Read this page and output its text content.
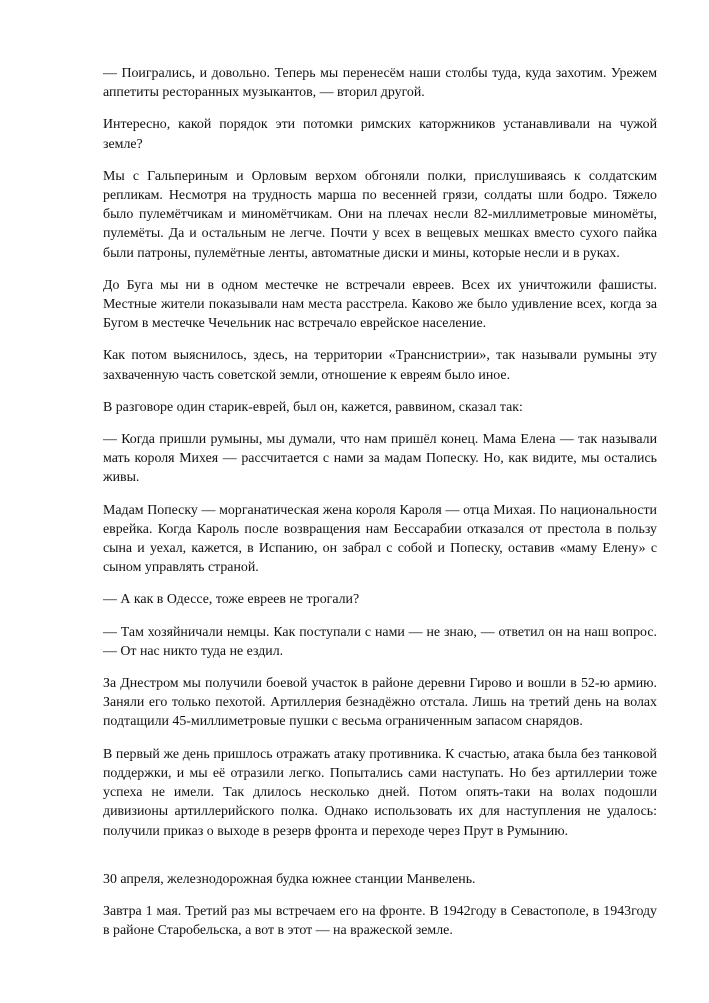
— Поигрались, и довольно. Теперь мы перенесём наши столбы туда, куда захотим. Урежем аппетиты ресторанных музыкантов, — вторил другой.

Интересно, какой порядок эти потомки римских каторжников устанавливали на чужой земле?

Мы с Гальпериным и Орловым верхом обгоняли полки, прислушиваясь к солдатским репликам. Несмотря на трудность марша по весенней грязи, солдаты шли бодро. Тяжело было пулемётчикам и миномётчикам. Они на плечах несли 82-миллиметровые миномёты, пулемёты. Да и остальным не легче. Почти у всех в вещевых мешках вместо сухого пайка были патроны, пулемётные ленты, автоматные диски и мины, которые несли и в руках.

До Буга мы ни в одном местечке не встречали евреев. Всех их уничтожили фашисты. Местные жители показывали нам места расстрела. Каково же было удивление всех, когда за Бугом в местечке Чечельник нас встречало еврейское население.

Как потом выяснилось, здесь, на территории «Транснистрии», так называли румыны эту захваченную часть советской земли, отношение к евреям было иное.

В разговоре один старик-еврей, был он, кажется, раввином, сказал так:

— Когда пришли румыны, мы думали, что нам пришёл конец. Мама Елена — так называли мать короля Михея — рассчитается с нами за мадам Попеску. Но, как видите, мы остались живы.

Мадам Попеску — морганатическая жена короля Кароля — отца Михая. По национальности еврейка. Когда Кароль после возвращения нам Бессарабии отказался от престола в пользу сына и уехал, кажется, в Испанию, он забрал с собой и Попеску, оставив «маму Елену» с сыном управлять страной.

— А как в Одессе, тоже евреев не трогали?

— Там хозяйничали немцы. Как поступали с нами — не знаю, — ответил он на наш вопрос. — От нас никто туда не ездил.

За Днестром мы получили боевой участок в районе деревни Гирово и вошли в 52-ю армию. Заняли его только пехотой. Артиллерия безнадёжно отстала. Лишь на третий день на волах подтащили 45-миллиметровые пушки с весьма ограниченным запасом снарядов.

В первый же день пришлось отражать атаку противника. К счастью, атака была без танковой поддержки, и мы её отразили легко. Попытались сами наступать. Но без артиллерии тоже успеха не имели. Так длилось несколько дней. Потом опять-таки на волах подошли дивизионы артиллерийского полка. Однако использовать их для наступления не удалось: получили приказ о выходе в резерв фронта и переходе через Прут в Румынию.

30 апреля, железнодорожная будка южнее станции Манвелень.

Завтра 1 мая. Третий раз мы встречаем его на фронте. В 1942году в Севастополе, в 1943году в районе Старобельска, а вот в этот — на вражеской земле.
